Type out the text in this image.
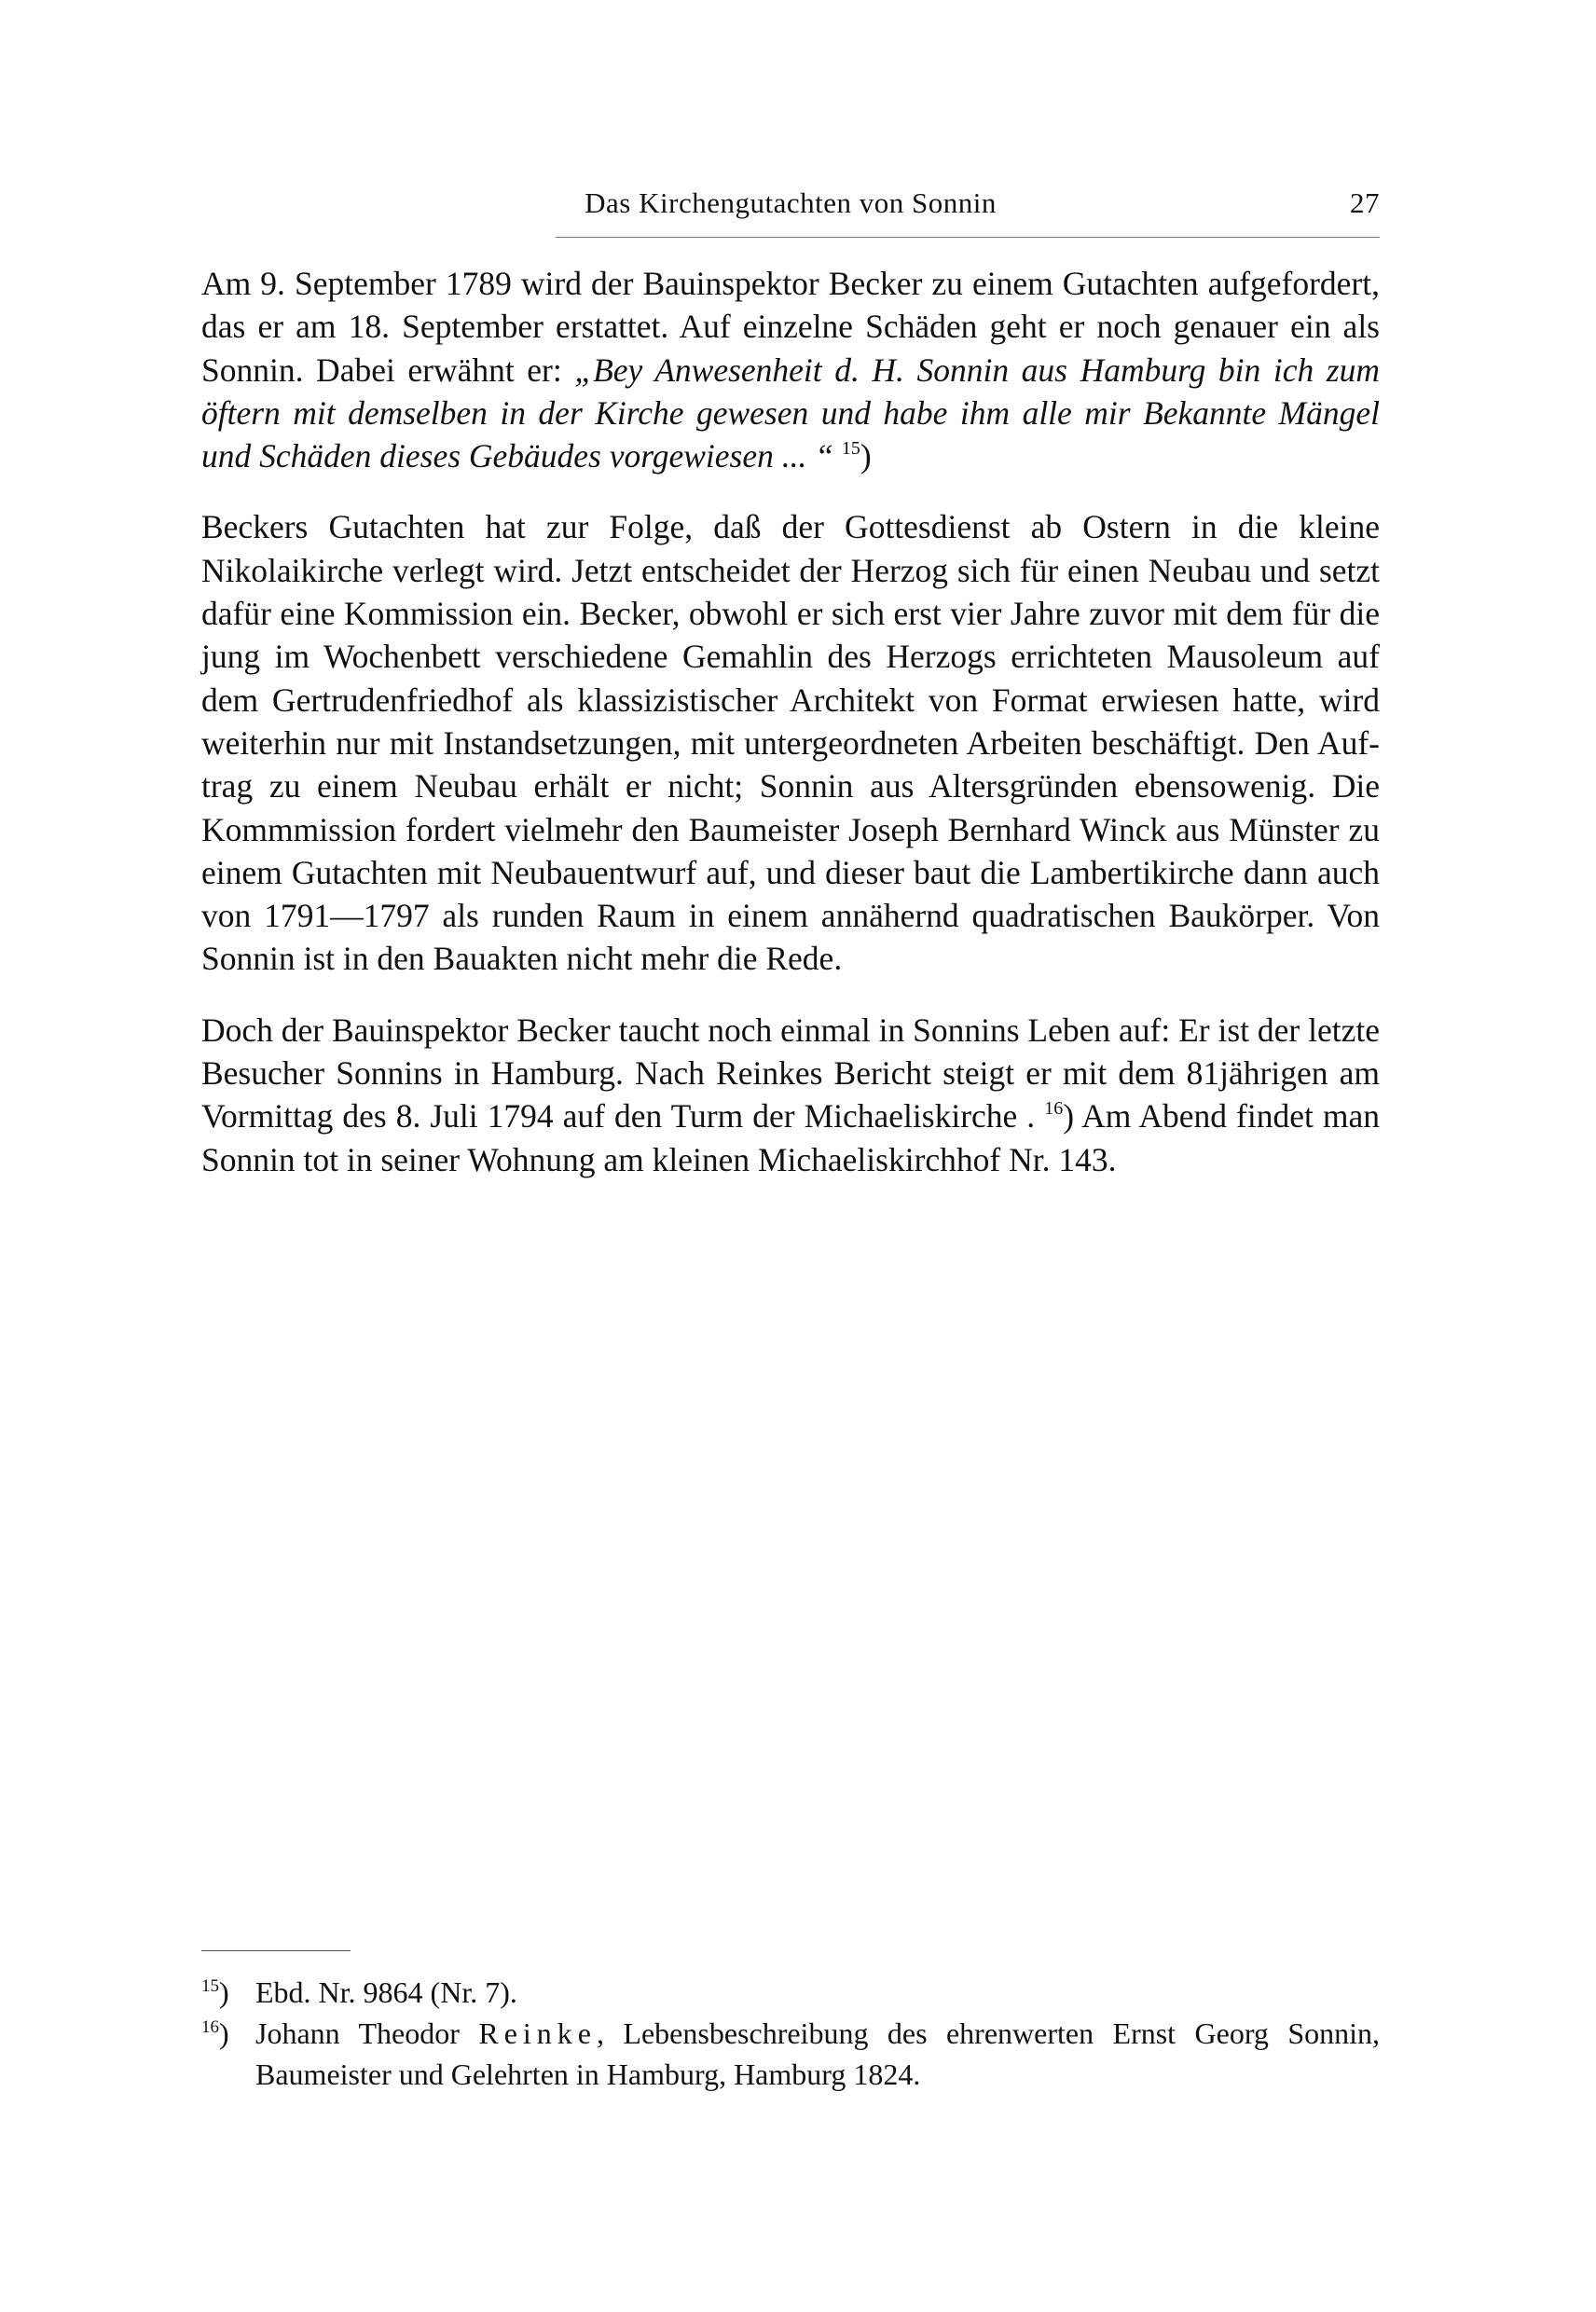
Das Kirchengutachten von Sonnin	27

Am 9. September 1789 wird der Bauinspektor Becker zu einem Gutachten aufgefordert, das er am 18. September erstattet. Auf einzelne Schäden geht er noch genauer ein als Sonnin. Dabei erwähnt er: „Bey Anwesenheit d. H. Sonnin aus Hamburg bin ich zum öftern mit demselben in der Kirche gewesen und habe ihm alle mir Bekannte Mängel und Schäden dieses Gebäudes vorgewiesen ... “ $^{15}$)

Beckers Gutachten hat zur Folge, daß der Gottesdienst ab Ostern in die kleine Nikolaikirche verlegt wird. Jetzt entscheidet der Herzog sich für einen Neubau und setzt dafür eine Kommission ein. Becker, obwohl er sich erst vier Jahre zuvor mit dem für die jung im Wochenbett verschiedene Gemahlin des Herzogs errichteten Mausoleum auf dem Gertrudenfriedhof als klassizistischer Architekt von Format erwiesen hatte, wird weiterhin nur mit Instandsetzungen, mit untergeordneten Arbeiten beschäftigt. Den Auftrag zu einem Neubau erhält er nicht; Sonnin aus Altersgründen ebensowenig. Die Kommmission fordert vielmehr den Baumeister Joseph Bernhard Winck aus Münster zu einem Gutachten mit Neubauentwurf auf, und dieser baut die Lambertikirche dann auch von 1791—1797 als runden Raum in einem annähernd quadratischen Baukörper. Von Sonnin ist in den Bauakten nicht mehr die Rede.

Doch der Bauinspektor Becker taucht noch einmal in Sonnins Leben auf: Er ist der letzte Besucher Sonnins in Hamburg. Nach Reinkes Bericht steigt er mit dem 81jährigen am Vormittag des 8. Juli 1794 auf den Turm der Michaeliskirche . $^{16}$) Am Abend findet man Sonnin tot in seiner Wohnung am kleinen Michaeliskirchhof Nr. 143.

$^{15}$) Ebd. Nr. 9864 (Nr. 7).
$^{16}$) Johann Theodor Reinke, Lebensbeschreibung des ehrenwerten Ernst Georg Sonnin, Baumeister und Gelehrten in Hamburg, Hamburg 1824.
